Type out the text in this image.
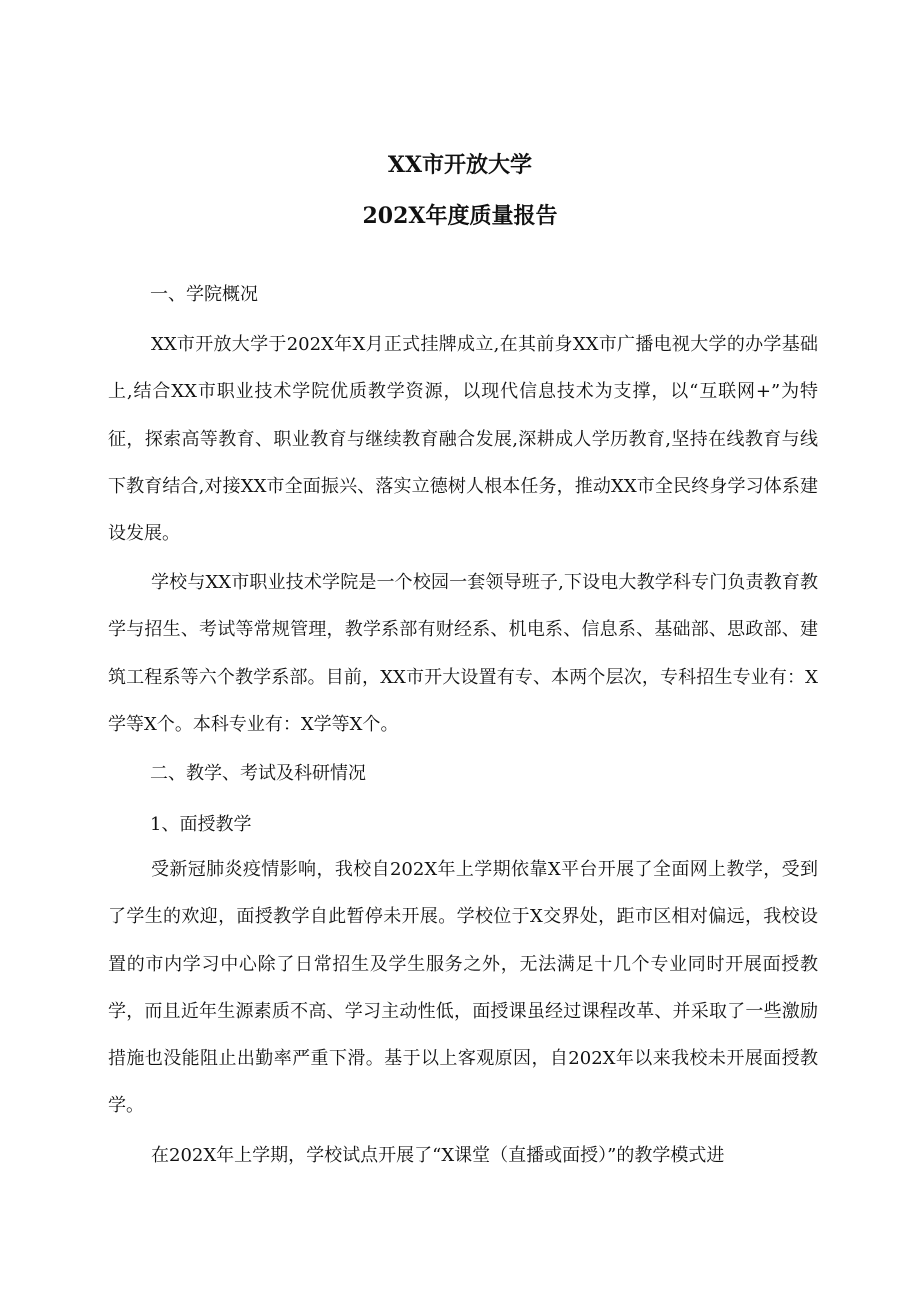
XX市开放大学
202X年度质量报告
一、学院概况

XX市开放大学于202X年X月正式挂牌成立,在其前身XX市广播电视大学的办学基础上,结合XX市职业技术学院优质教学资源，以现代信息技术为支撑，以“互联网+”为特征，探索高等教育、职业教育与继续教育融合发展,深耕成人学历教育,坚持在线教育与线下教育结合,对接XX市全面振兴、落实立德树人根本任务，推动XX市全民终身学习体系建设发展。

学校与XX市职业技术学院是一个校园一套领导班子,下设电大教学科专门负责教育教学与招生、考试等常规管理，教学系部有财经系、机电系、信息系、基础部、思政部、建筑工程系等六个教学系部。目前，XX市开大设置有专、本两个层次，专科招生专业有：X学等X个。本科专业有：X学等X个。

二、教学、考试及科研情况
1、面授教学

受新冠肺炎疫情影响，我校自202X年上学期依靠X平台开展了全面网上教学，受到了学生的欢迎，面授教学自此暂停未开展。学校位于X交界处，距市区相对偏远，我校设置的市内学习中心除了日常招生及学生服务之外，无法满足十几个专业同时开展面授教学，而且近年生源素质不高、学习主动性低，面授课虽经过课程改革、并采取了一些激励措施也没能阻止出勤率严重下滑。基于以上客观原因，自202X年以来我校未开展面授教学。

在202X年上学期，学校试点开展了“X课堂（直播或面授）”的教学模式进
